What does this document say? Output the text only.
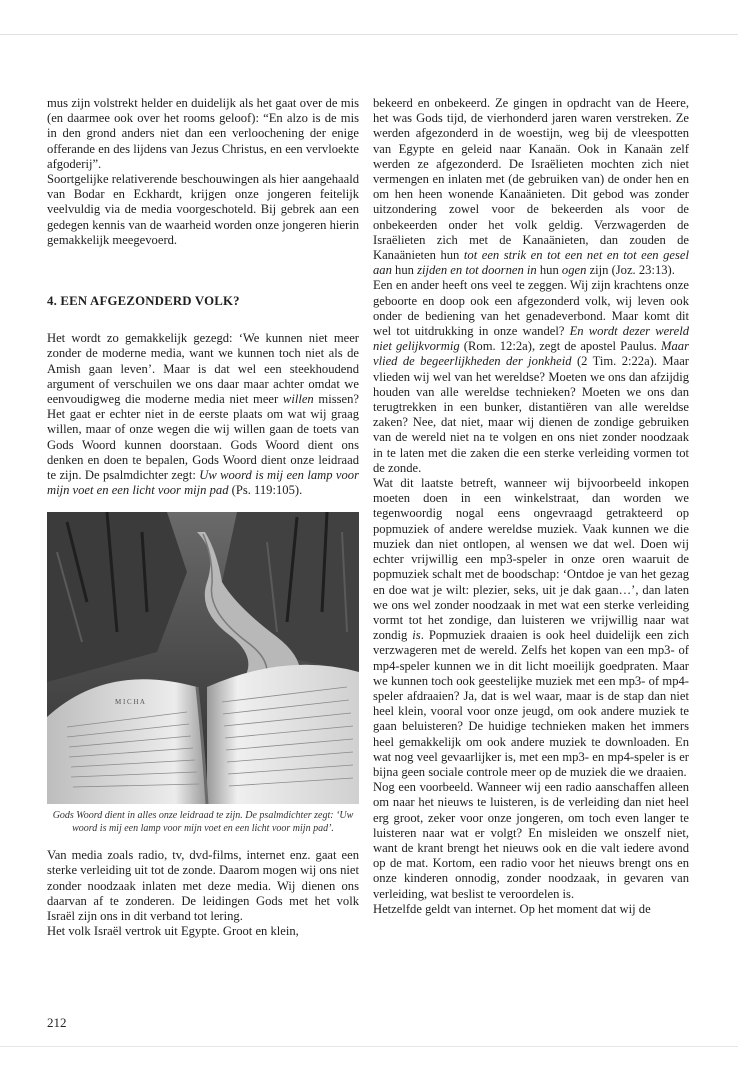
mus zijn volstrekt helder en duidelijk als het gaat over de mis (en daarmee ook over het rooms geloof): “En alzo is de mis in den grond anders niet dan een verloochening der enige offerande en des lijdens van Jezus Christus, en een vervloekte afgoderij”.

Soortgelijke relativerende beschouwingen als hier aangehaald van Bodar en Eckhardt, krijgen onze jongeren feitelijk veelvuldig via de media voorgeschoteld. Bij gebrek aan een gedegen kennis van de waarheid worden onze jongeren hierin gemakkelijk meegevoerd.

4. EEN AFGEZONDERD VOLK?

Het wordt zo gemakkelijk gezegd: ‘We kunnen niet meer zonder de moderne media, want we kunnen toch niet als de Amish gaan leven’. Maar is dat wel een steekhoudend argument of verschuilen we ons daar maar achter omdat we eenvoudigweg die moderne media niet meer willen missen? Het gaat er echter niet in de eerste plaats om wat wij graag willen, maar of onze wegen die wij willen gaan de toets van Gods Woord kunnen doorstaan. Gods Woord dient ons denken en doen te bepalen, Gods Woord dient onze leidraad te zijn. De psalmdichter zegt: Uw woord is mij een lamp voor mijn voet en een licht voor mijn pad (Ps. 119:105).

M I C H A

Gods Woord dient in alles onze leidraad te zijn. De psalmdichter zegt: ‘Uw woord is mij een lamp voor mijn voet en een licht voor mijn pad’.

Van media zoals radio, tv, dvd-films, internet enz. gaat een sterke verleiding uit tot de zonde. Daarom mogen wij ons niet zonder noodzaak inlaten met deze media. Wij dienen ons daarvan af te zonderen. De leidingen Gods met het volk Israël zijn ons in dit verband tot lering.

Het volk Israël vertrok uit Egypte. Groot en klein,

bekeerd en onbekeerd. Ze gingen in opdracht van de Heere, het was Gods tijd, de vierhonderd jaren waren verstreken. Ze werden afgezonderd in de woestijn, weg bij de vleespotten van Egypte en geleid naar Kanaän. Ook in Kanaän zelf werden ze afgezonderd. De Israëlieten mochten zich niet vermengen en inlaten met (de gebruiken van) de onder hen en om hen heen wonende Kanaänieten. Dit gebod was zonder uitzondering zowel voor de bekeerden als voor de onbekeerden onder het volk geldig. Verzwagerden de Israëlieten zich met de Kanaänieten, dan zouden de Kanaänieten hun tot een strik en tot een net en tot een gesel aan hun zijden en tot doornen in hun ogen zijn (Joz. 23:13).

Een en ander heeft ons veel te zeggen. Wij zijn krachtens onze geboorte en doop ook een afgezonderd volk, wij leven ook onder de bediening van het genadeverbond. Maar komt dit wel tot uitdrukking in onze wandel? En wordt dezer wereld niet gelijkvormig (Rom. 12:2a), zegt de apostel Paulus. Maar vlied de begeerlijkheden der jonkheid (2 Tim. 2:22a). Maar vlieden wij wel van het wereldse? Moeten we ons dan afzijdig houden van alle wereldse technieken? Moeten we ons dan terugtrekken in een bunker, distantiëren van alle wereldse zaken? Nee, dat niet, maar wij dienen de zondige gebruiken van de wereld niet na te volgen en ons niet zonder noodzaak in te laten met die zaken die een sterke verleiding vormen tot de zonde.

Wat dit laatste betreft, wanneer wij bijvoorbeeld inkopen moeten doen in een winkelstraat, dan worden we tegenwoordig nogal eens ongevraagd getrakteerd op popmuziek of andere wereldse muziek. Vaak kunnen we die muziek dan niet ontlopen, al wensen we dat wel. Doen wij echter vrijwillig een mp3-speler in onze oren waaruit de popmuziek schalt met de boodschap: ‘Ontdoe je van het gezag en doe wat je wilt: plezier, seks, uit je dak gaan…’, dan laten we ons wel zonder noodzaak in met wat een sterke verleiding vormt tot het zondige, dan luisteren we vrijwillig naar wat zondig is. Popmuziek draaien is ook heel duidelijk een zich verzwageren met de wereld. Zelfs het kopen van een mp3- of mp4-speler kunnen we in dit licht moeilijk goedpraten. Maar we kunnen toch ook geestelijke muziek met een mp3- of mp4-speler afdraaien? Ja, dat is wel waar, maar is de stap dan niet heel klein, vooral voor onze jeugd, om ook andere muziek te gaan beluisteren? De huidige technieken maken het immers heel gemakkelijk om ook andere muziek te downloaden. En wat nog veel gevaarlijker is, met een mp3- en mp4-speler is er bijna geen sociale controle meer op de muziek die we draaien.

Nog een voorbeeld. Wanneer wij een radio aanschaffen alleen om naar het nieuws te luisteren, is de verleiding dan niet heel erg groot, zeker voor onze jongeren, om toch even langer te luisteren naar wat er volgt? En misleiden we onszelf niet, want de krant brengt het nieuws ook en die valt iedere avond op de mat. Kortom, een radio voor het nieuws brengt ons en onze kinderen onnodig, zonder noodzaak, in gevaren van verleiding, wat beslist te veroordelen is.

Hetzelfde geldt van internet. Op het moment dat wij de

212
